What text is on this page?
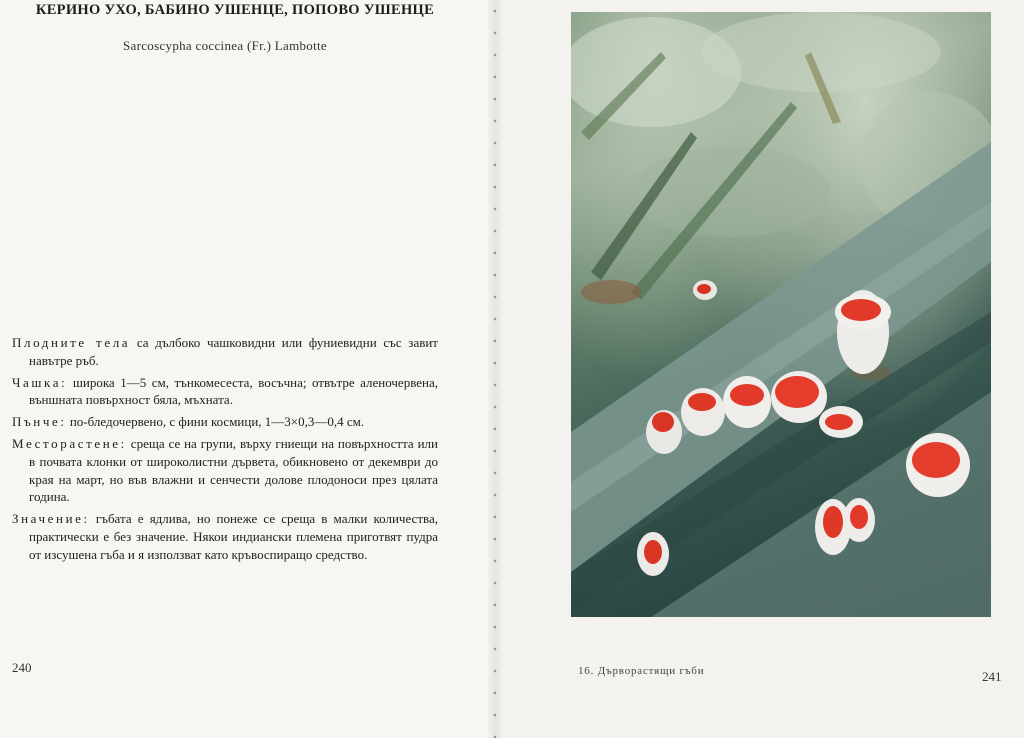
КЕРИНО УХО, БАБИНО УШЕНЦЕ, ПОПОВО УШЕНЦЕ
Sarcoscypha coccinea (Fr.) Lambotte

Плодните тела са дълбоко чашковидни или фуниевидни със завит навътре ръб.

Чашка: широка 1—5 см, тънкомесеста, восъчна; отвътре аленочервена, външната повърхност бяла, мъхната.

Пънче: по-бледочервено, с фини космици, 1—3×0,3—0,4 см.

Месторастене: среща се на групи, върху гниещи на повърхността или в почвата клонки от широколистни дървета, обикновено от декември до края на март, но във влажни и сенчести долове плодоноси през цялата година.

Значение: гъбата е ядлива, но понеже се среща в малки количества, практически е без значение. Някои индиански племена приготвят пудра от изсушена гъба и я използват като кръвоспиращо средство.

240	16. Дърворастящи гъби	241
